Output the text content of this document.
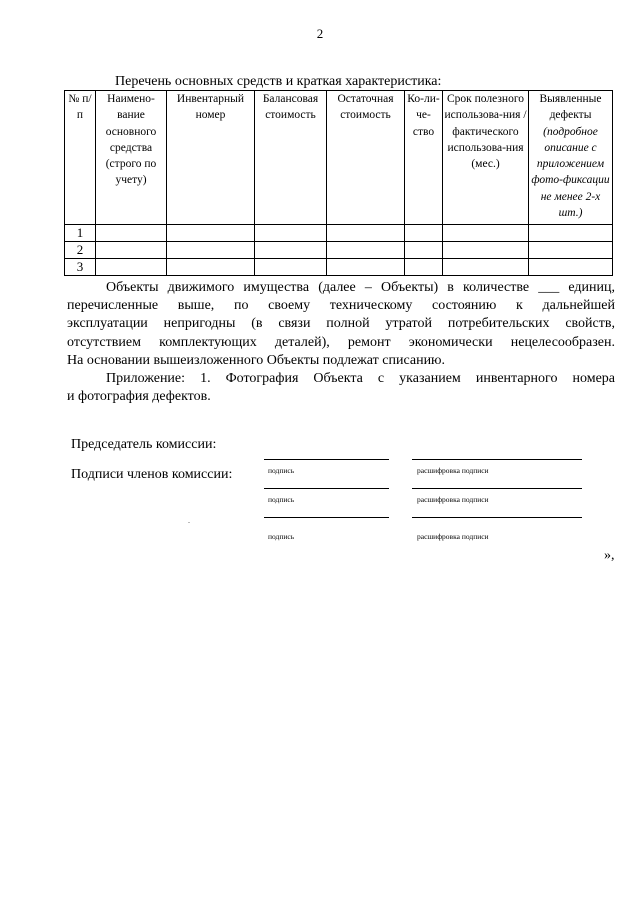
2
Перечень основных средств и краткая характеристика:
№ п/п	Наимено-вание основного средства (строго по учету)	Инвентарный номер	Балансовая стоимость	Остаточная стоимость	Ко-ли-че-ство	Срок полезного использова-ния / фактического использова-ния (мес.)	Выявленные дефекты (подробное описание с приложением фото-фиксации не менее 2-х шт.)
1							
2							
3							

Объекты движимого имущества (далее – Объекты) в количестве ___ единиц,

перечисленные выше, по своему техническому состоянию к дальнейшей

эксплуатации непригодны (в связи полной утратой потребительских свойств,

отсутствием комплектующих деталей), ремонт экономически нецелесообразен.

На основании вышеизложенного Объекты подлежат списанию.

Приложение: 1. Фотография Объекта с указанием инвентарного номера

и фотография дефектов.

Председатель комиссии:
Подписи членов комиссии:	подпись	расшифровка подписи
подпись	расшифровка подписи
подпись	расшифровка подписи
»,
